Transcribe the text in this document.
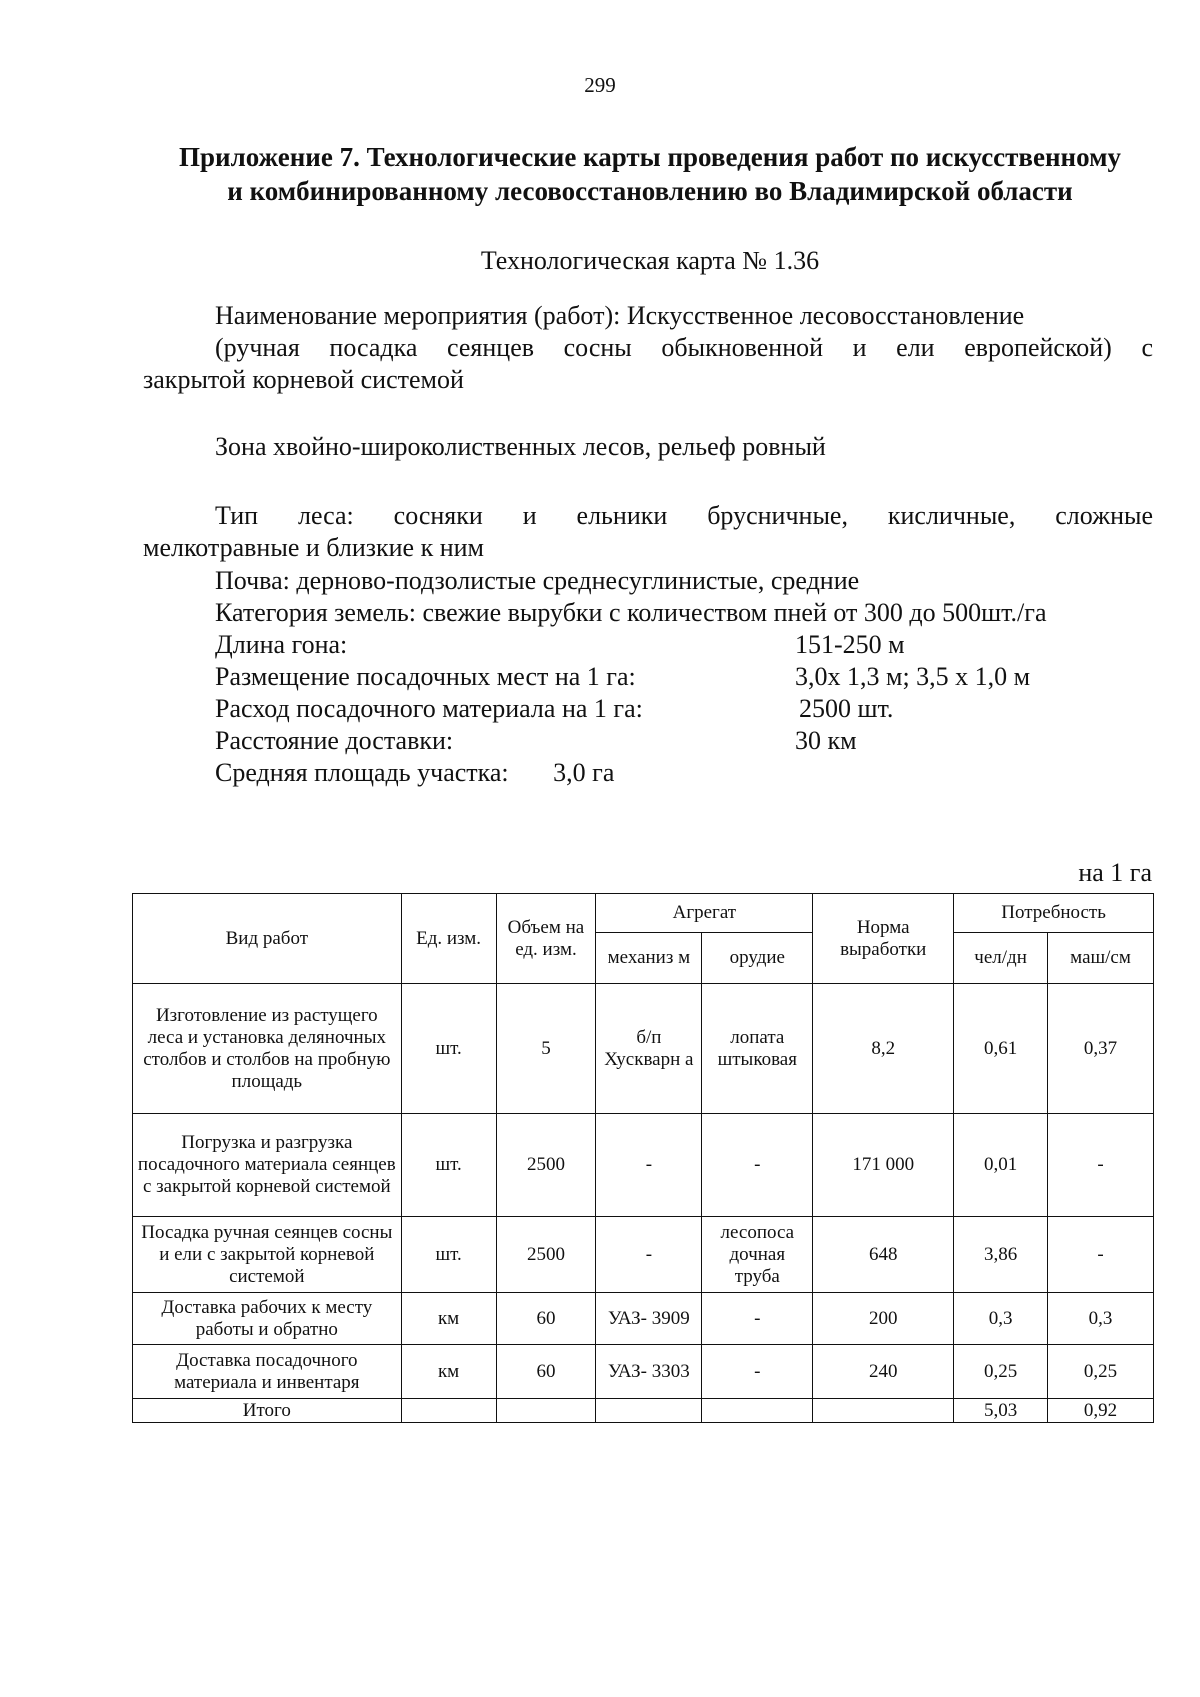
299
Приложение 7. Технологические карты проведения работ по искусственному
и комбинированному лесовосстановлению во Владимирской области
Технологическая карта № 1.36
Наименование мероприятия (работ): Искусственное лесовосстановление
(ручная посадка сеянцев сосны обыкновенной и ели европейской) с
закрытой корневой системой
Зона хвойно-широколиственных лесов, рельеф ровный
Тип леса: сосняки и ельники брусничные, кисличные, сложные
мелкотравные и близкие к ним
Почва: дерново-подзолистые среднесуглинистые, средние
Категория земель: свежие вырубки с количеством пней от 300 до 500шт./га
Длина гона:	151-250 м
Размещение посадочных мест на 1 га:	3,0х 1,3 м; 3,5 х 1,0 м
Расход посадочного материала на 1 га:	2500 шт.
Расстояние доставки:	30 км
Средняя площадь участка: 3,0 га
на 1 га
Вид работ	Ед. изм.	Объем на ед. изм.	Агрегат		Норма выработки	Потребность	
			механиз м	орудие		чел/дн	маш/см
Изготовление из растущего леса и установка деляночных столбов и столбов на пробную площадь	шт.	5	б/п Хускварн а	лопата штыковая	8,2	0,61	0,37
Погрузка и разгрузка посадочного материала сеянцев с закрытой корневой системой	шт.	2500	-	-	171 000	0,01	-
Посадка ручная сеянцев сосны и ели с закрытой корневой системой	шт.	2500	-	лесопоса дочная труба	648	3,86	-
Доставка рабочих к месту работы и обратно	км	60	УАЗ- 3909	-	200	0,3	0,3
Доставка посадочного материала и инвентаря	км	60	УАЗ- 3303	-	240	0,25	0,25
Итого						5,03	0,92
